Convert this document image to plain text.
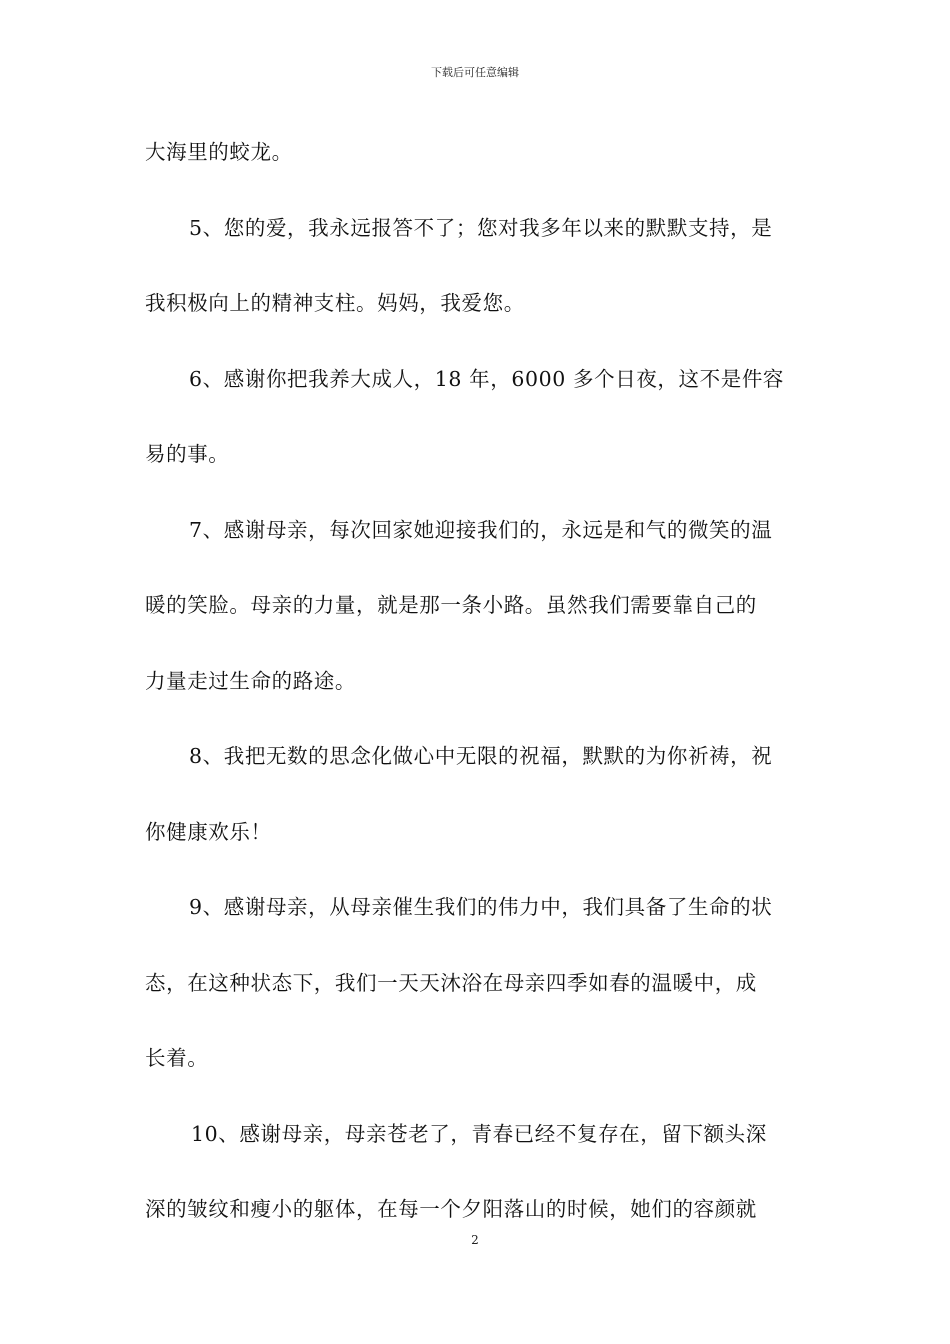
下载后可任意编辑
大海里的蛟龙。
5、您的爱，我永远报答不了；您对我多年以来的默默支持，是
我积极向上的精神支柱。妈妈，我爱您。
6、感谢你把我养大成人，18 年，6000 多个日夜，这不是件容
易的事。
7、感谢母亲，每次回家她迎接我们的，永远是和气的微笑的温
暖的笑脸。母亲的力量，就是那一条小路。虽然我们需要靠自己的
力量走过生命的路途。
8、我把无数的思念化做心中无限的祝福，默默的为你祈祷，祝
你健康欢乐！
9、感谢母亲，从母亲催生我们的伟力中，我们具备了生命的状
态，在这种状态下，我们一天天沐浴在母亲四季如春的温暖中，成
长着。
10、感谢母亲，母亲苍老了，青春已经不复存在，留下额头深
深的皱纹和瘦小的躯体，在每一个夕阳落山的时候，她们的容颜就
2
